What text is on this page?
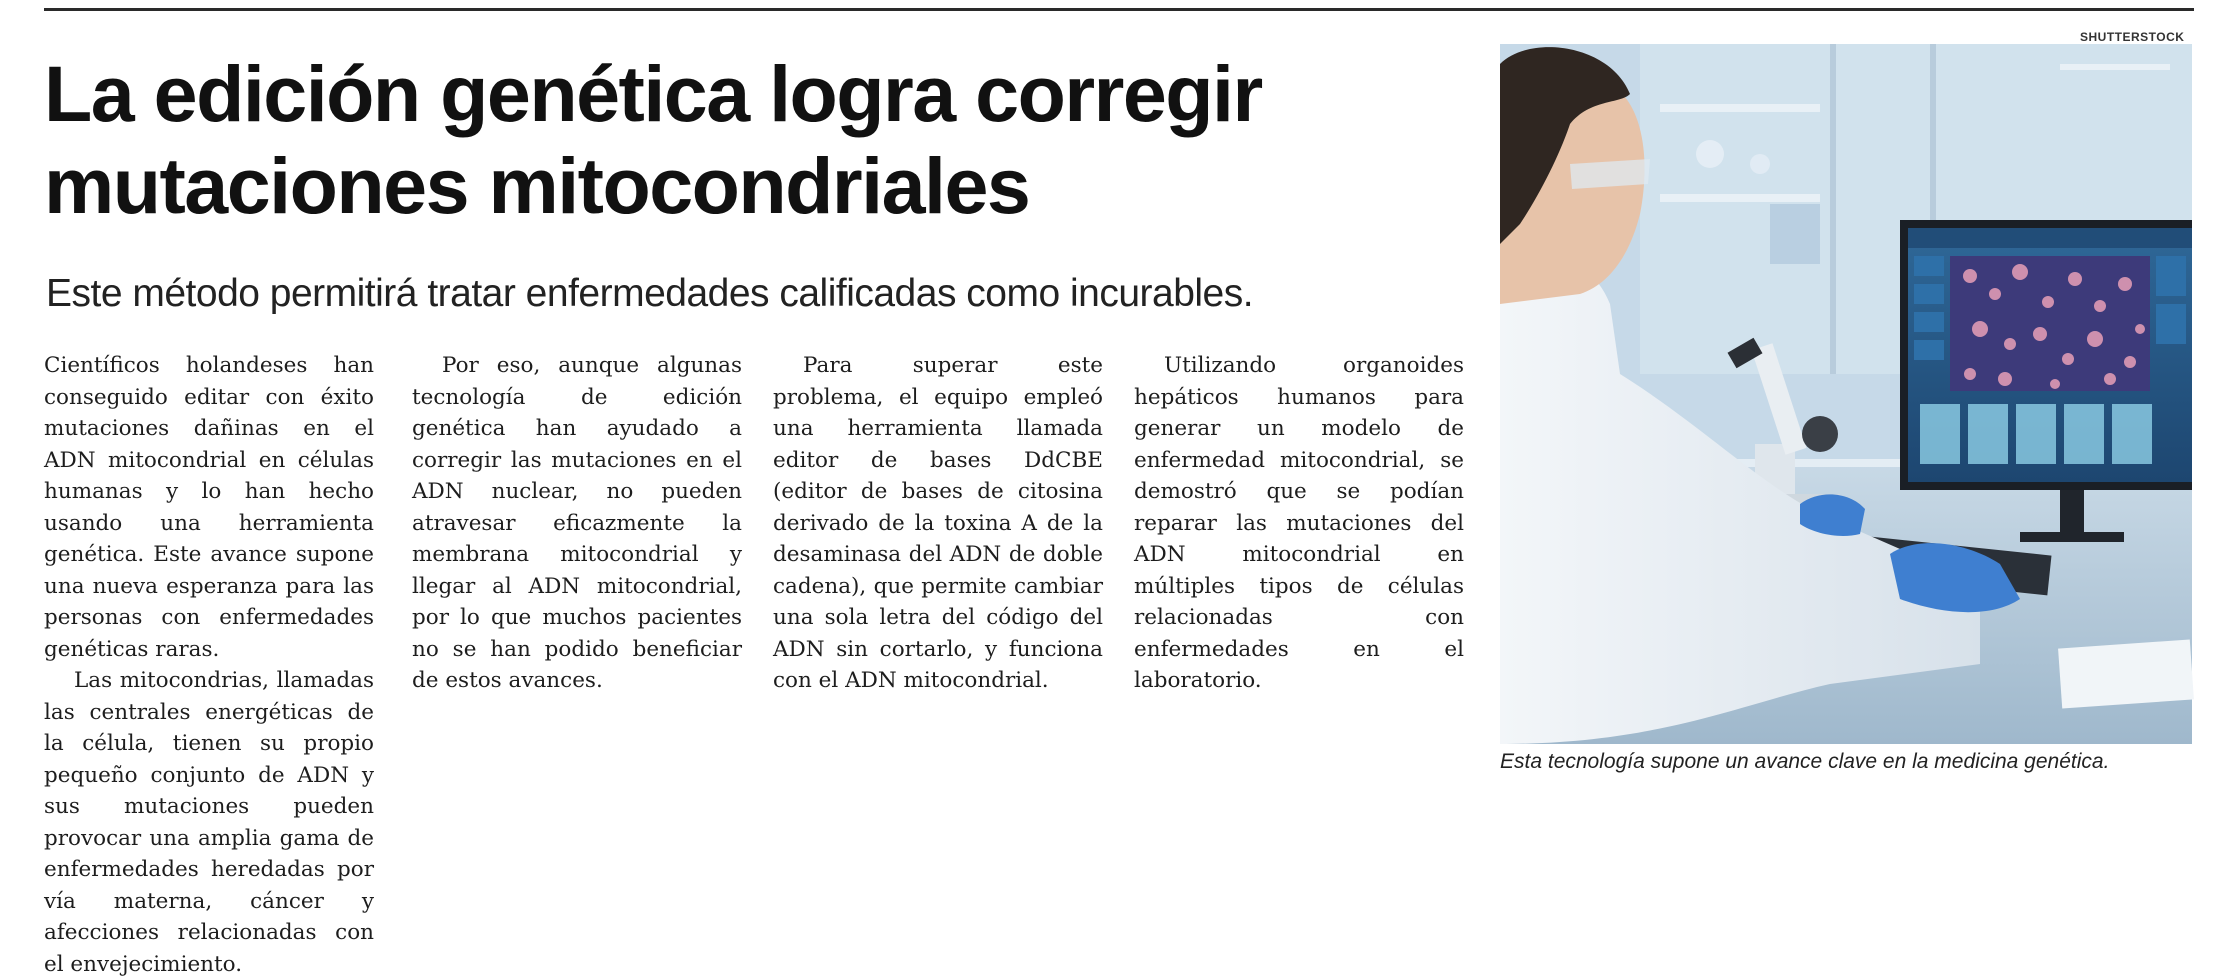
La edición genética logra corregir
mutaciones mitocondriales
Este método permitirá tratar enfermedades calificadas como incurables.

Científicos holandeses han conseguido editar con éxito mutaciones dañinas en el ADN mitocondrial en células humanas y lo han hecho usando una herramienta genética. Este avance supone una nueva esperanza para las personas con enfermedades genéticas raras.

Las mitocondrias, llamadas las centrales energéticas de la célula, tienen su propio pequeño conjunto de ADN y sus mutaciones pueden provocar una amplia gama de enfermedades heredadas por vía materna, cáncer y afecciones relacionadas con el envejecimiento.

Por eso, aunque algunas tecnología de edición genética han ayudado a corregir las mutaciones en el ADN nuclear, no pueden atravesar eficazmente la membrana mitocondrial y llegar al ADN mitocondrial, por lo que muchos pacientes no se han podido beneficiar de estos avances.

Para superar este problema, el equipo empleó una herramienta llamada editor de bases DdCBE (editor de bases de citosina derivado de la toxina A de la desaminasa del ADN de doble cadena), que permite cambiar una sola letra del código del ADN sin cortarlo, y funciona con el ADN mitocondrial.

Utilizando organoides hepáticos humanos para generar un modelo de enfermedad mitocondrial, se demostró que se podían reparar las mutaciones del ADN mitocondrial en múltiples tipos de células relacionadas con enfermedades en el laboratorio.

SHUTTERSTOCK
Esta tecnología supone un avance clave en la medicina genética.
